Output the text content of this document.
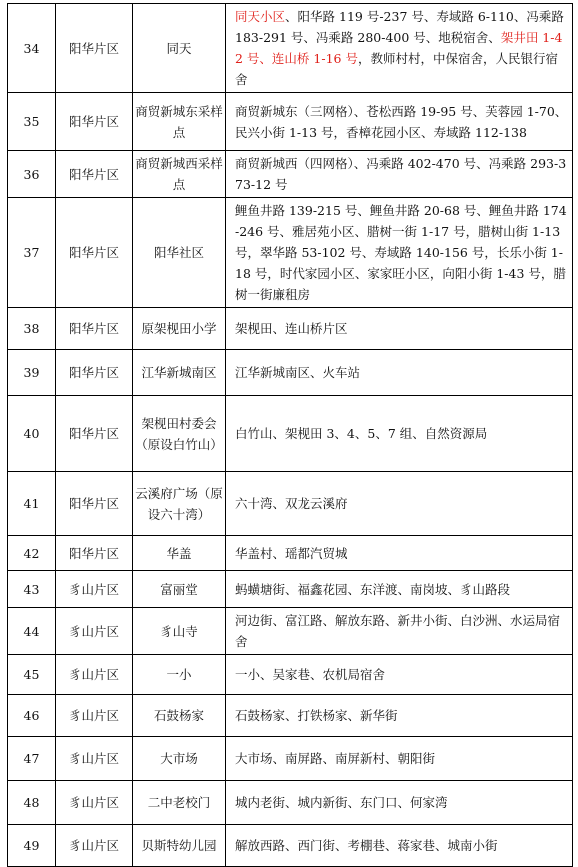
34	阳华片区	同天	同天小区、阳华路 119 号-237 号、寿域路 6-110、冯乘路 183-291 号、冯乘路 280-400 号、地税宿舍、架井田 1-42 号、连山桥 1-16 号，教师村村，中保宿舍，人民银行宿舍
35	阳华片区	商贸新城东采样点	商贸新城东（三网格）、苍松西路 19-95 号、芙蓉园 1-70、民兴小街 1-13 号，香樟花园小区、寿域路 112-138
36	阳华片区	商贸新城西采样点	商贸新城西（四网格）、冯乘路 402-470 号、冯乘路 293-373-12 号
37	阳华片区	阳华社区	鲤鱼井路 139-215 号、鲤鱼井路 20-68 号、鲤鱼井路 174-246 号、雅居苑小区、腊树一街 1-17 号，腊树山街 1-13 号，翠华路 53-102 号、寿域路 140-156 号，长乐小街 1-18 号，时代家园小区、家家旺小区，向阳小街 1-43 号，腊树一街廉租房
38	阳华片区	原架枧田小学	架枧田、连山桥片区
39	阳华片区	江华新城南区	江华新城南区、火车站
40	阳华片区	架枧田村委会（原设白竹山）	白竹山、架枧田 3、4、5、7 组、自然资源局
41	阳华片区	云溪府广场（原设六十湾）	六十湾、双龙云溪府
42	阳华片区	华盖	华盖村、瑶都汽贸城
43	豸山片区	富丽堂	蚂蟥塘街、福鑫花园、东洋渡、南岗坡、豸山路段
44	豸山片区	豸山寺	河边街、富江路、解放东路、新井小街、白沙洲、水运局宿舍
45	豸山片区	一小	一小、吴家巷、农机局宿舍
46	豸山片区	石鼓杨家	石鼓杨家、打铁杨家、新华街
47	豸山片区	大市场	大市场、南屏路、南屏新村、朝阳街
48	豸山片区	二中老校门	城内老街、城内新街、东门口、何家湾
49	豸山片区	贝斯特幼儿园	解放西路、西门街、考棚巷、蒋家巷、城南小街
